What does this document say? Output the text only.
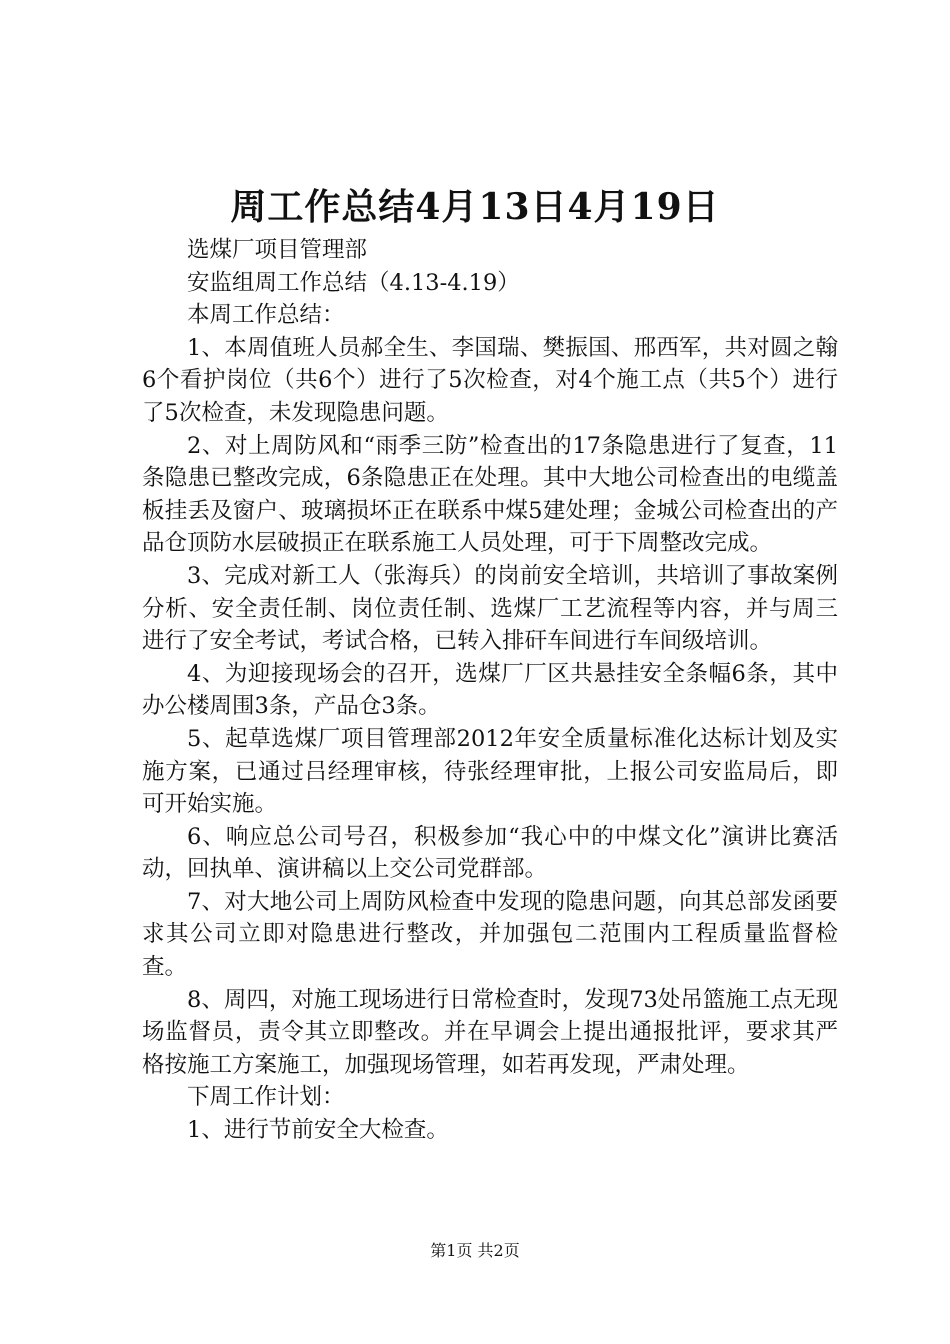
周工作总结4月13日4月19日

选煤厂项目管理部

安监组周工作总结（4.13-4.19）

本周工作总结：

1、本周值班人员郝全生、李国瑞、樊振国、邢西军，共对圆之翰6个看护岗位（共6个）进行了5次检查，对4个施工点（共5个）进行了5次检查，未发现隐患问题。

2、对上周防风和“雨季三防”检查出的17条隐患进行了复查，11条隐患已整改完成，6条隐患正在处理。其中大地公司检查出的电缆盖板挂丢及窗户、玻璃损坏正在联系中煤5建处理；金城公司检查出的产品仓顶防水层破损正在联系施工人员处理，可于下周整改完成。

3、完成对新工人（张海兵）的岗前安全培训，共培训了事故案例分析、安全责任制、岗位责任制、选煤厂工艺流程等内容，并与周三进行了安全考试，考试合格，已转入排矸车间进行车间级培训。

4、为迎接现场会的召开，选煤厂厂区共悬挂安全条幅6条，其中办公楼周围3条，产品仓3条。

5、起草选煤厂项目管理部2012年安全质量标准化达标计划及实施方案，已通过吕经理审核，待张经理审批，上报公司安监局后，即可开始实施。

6、响应总公司号召，积极参加“我心中的中煤文化”演讲比赛活动，回执单、演讲稿以上交公司党群部。

7、对大地公司上周防风检查中发现的隐患问题，向其总部发函要求其公司立即对隐患进行整改，并加强包二范围内工程质量监督检查。

8、周四，对施工现场进行日常检查时，发现73处吊篮施工点无现场监督员，责令其立即整改。并在早调会上提出通报批评，要求其严格按施工方案施工，加强现场管理，如若再发现，严肃处理。

下周工作计划：

1、进行节前安全大检查。

第1页 共2页
